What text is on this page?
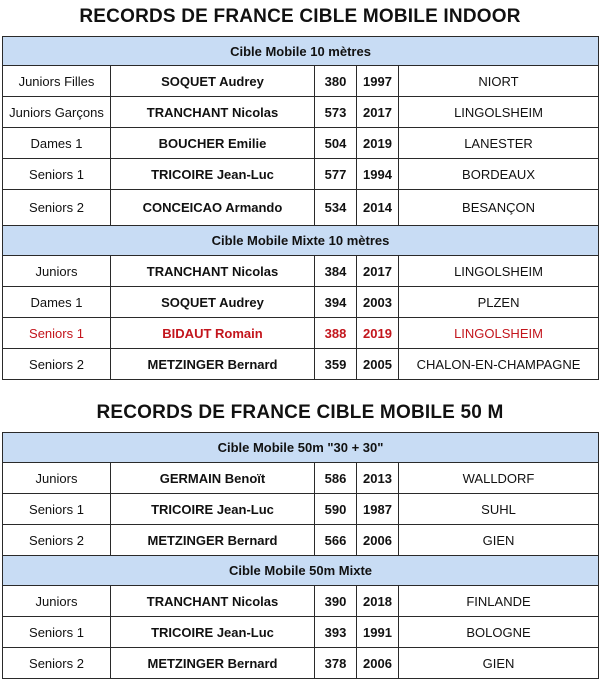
RECORDS DE FRANCE CIBLE MOBILE INDOOR
Cible Mobile 10 mètres				
Juniors Filles	SOQUET Audrey	380	1997	NIORT
Juniors Garçons	TRANCHANT Nicolas	573	2017	LINGOLSHEIM
Dames 1	BOUCHER Emilie	504	2019	LANESTER
Seniors 1	TRICOIRE Jean-Luc	577	1994	BORDEAUX
Seniors 2	CONCEICAO Armando	534	2014	BESANÇON
Cible Mobile Mixte 10 mètres				
Juniors	TRANCHANT Nicolas	384	2017	LINGOLSHEIM
Dames 1	SOQUET Audrey	394	2003	PLZEN
Seniors 1	BIDAUT Romain	388	2019	LINGOLSHEIM
Seniors 2	METZINGER Bernard	359	2005	CHALON-EN-CHAMPAGNE
RECORDS DE FRANCE CIBLE MOBILE 50 M
Cible Mobile 50m "30 + 30"				
Juniors	GERMAIN Benoït	586	2013	WALLDORF
Seniors 1	TRICOIRE Jean-Luc	590	1987	SUHL
Seniors 2	METZINGER Bernard	566	2006	GIEN
Cible Mobile 50m Mixte				
Juniors	TRANCHANT Nicolas	390	2018	FINLANDE
Seniors 1	TRICOIRE Jean-Luc	393	1991	BOLOGNE
Seniors 2	METZINGER Bernard	378	2006	GIEN
